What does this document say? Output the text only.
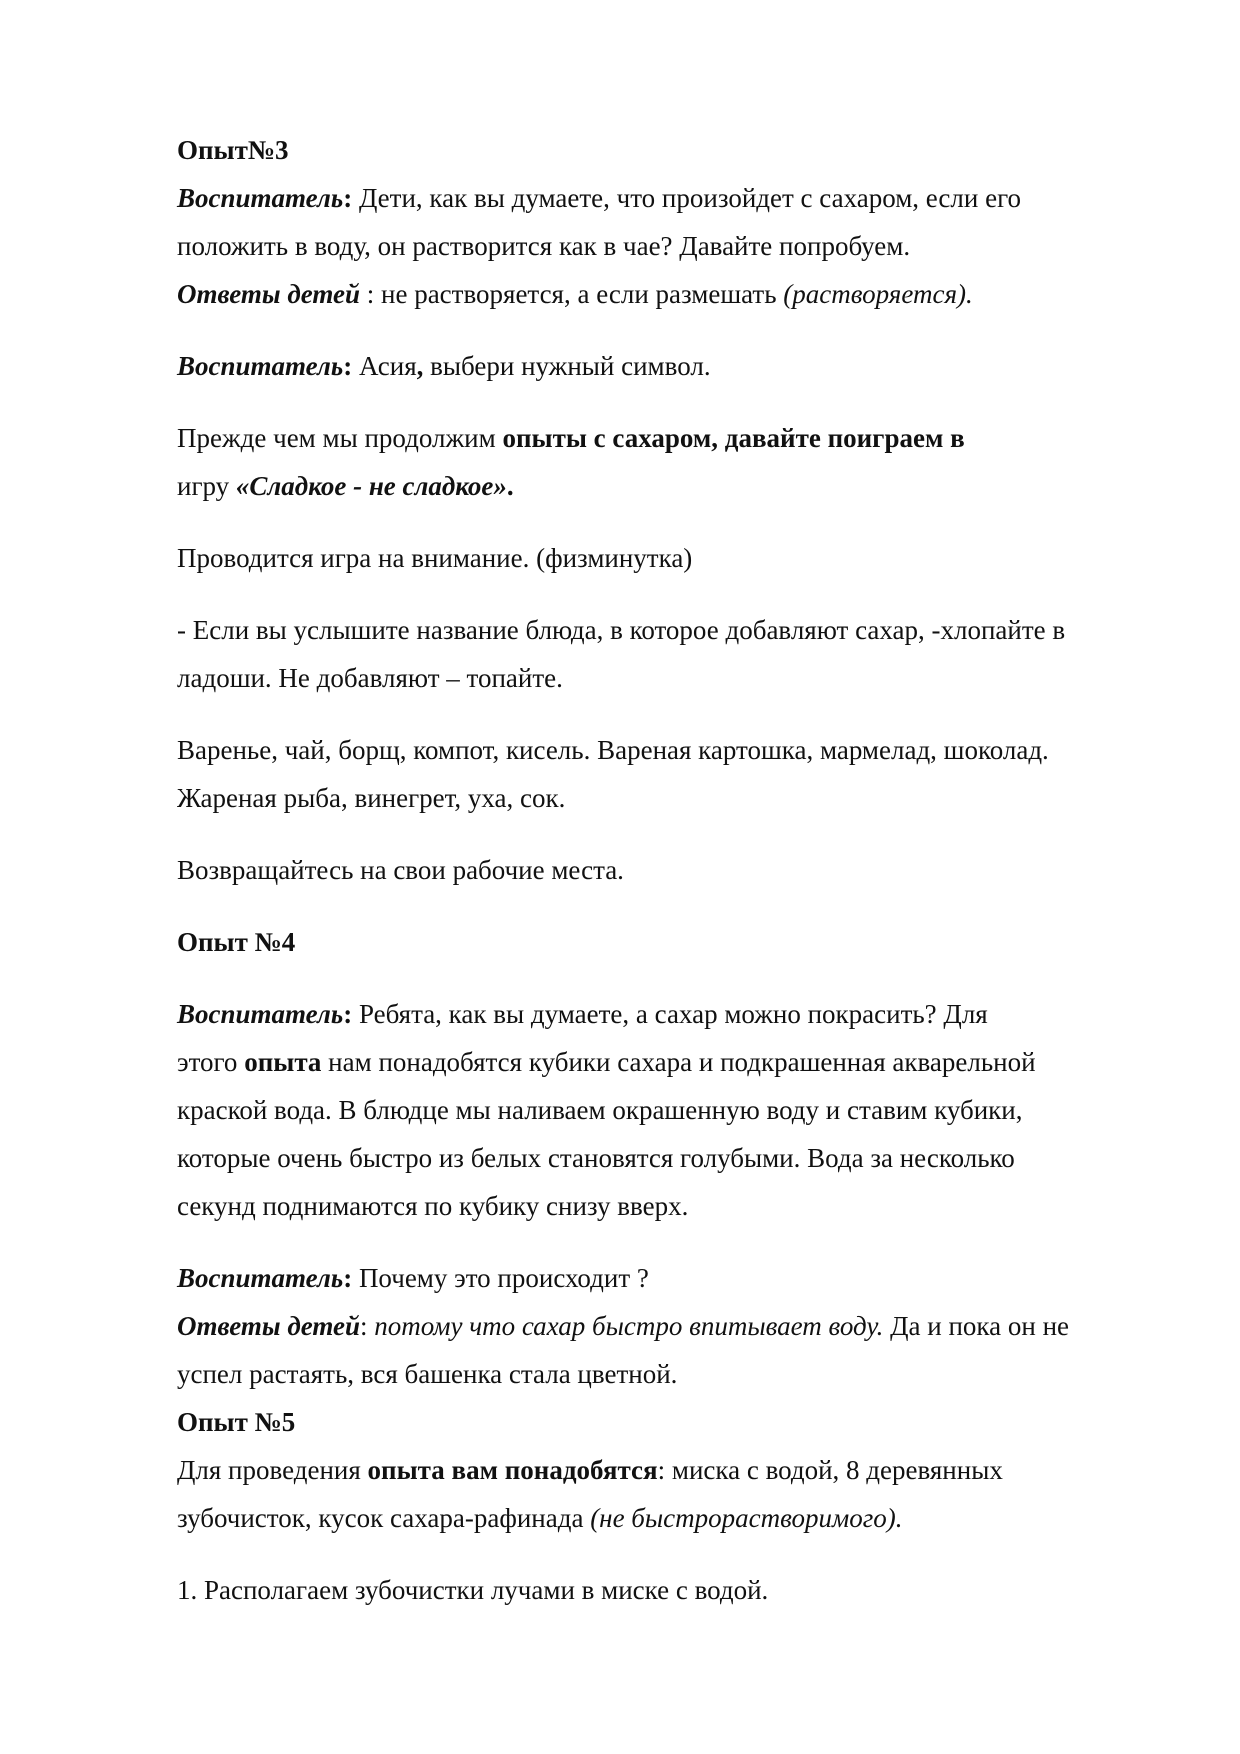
Опыт№3

Воспитатель: Дети, как вы думаете, что произойдет с сахаром, если его

положить в воду, он растворится как в чае? Давайте попробуем.

Ответы детей : не растворяется, а если размешать (растворяется).

Воспитатель: Асия, выбери нужный символ.

Прежде чем мы продолжим опыты с сахаром, давайте поиграем в

игру «Сладкое - не сладкое».

Проводится игра на внимание. (физминутка)

- Если вы услышите название блюда, в которое добавляют сахар, -хлопайте в

ладоши. Не добавляют – топайте.

Варенье, чай, борщ, компот, кисель. Вареная картошка, мармелад, шоколад.

Жареная рыба, винегрет, уха, сок.

Возвращайтесь на свои рабочие места.

Опыт №4

Воспитатель: Ребята, как вы думаете, а сахар можно покрасить? Для

этого опыта нам понадобятся кубики сахара и подкрашенная акварельной

краской вода. В блюдце мы наливаем окрашенную воду и ставим кубики,

которые очень быстро из белых становятся голубыми. Вода за несколько

секунд поднимаются по кубику снизу вверх.

Воспитатель: Почему это происходит ?

Ответы детей: потому что сахар быстро впитывает воду. Да и пока он не

успел растаять, вся башенка стала цветной.

Опыт №5

Для проведения опыта вам понадобятся: миска с водой, 8 деревянных

зубочисток, кусок сахара-рафинада (не быстрорастворимого).

1. Располагаем зубочистки лучами в миске с водой.
